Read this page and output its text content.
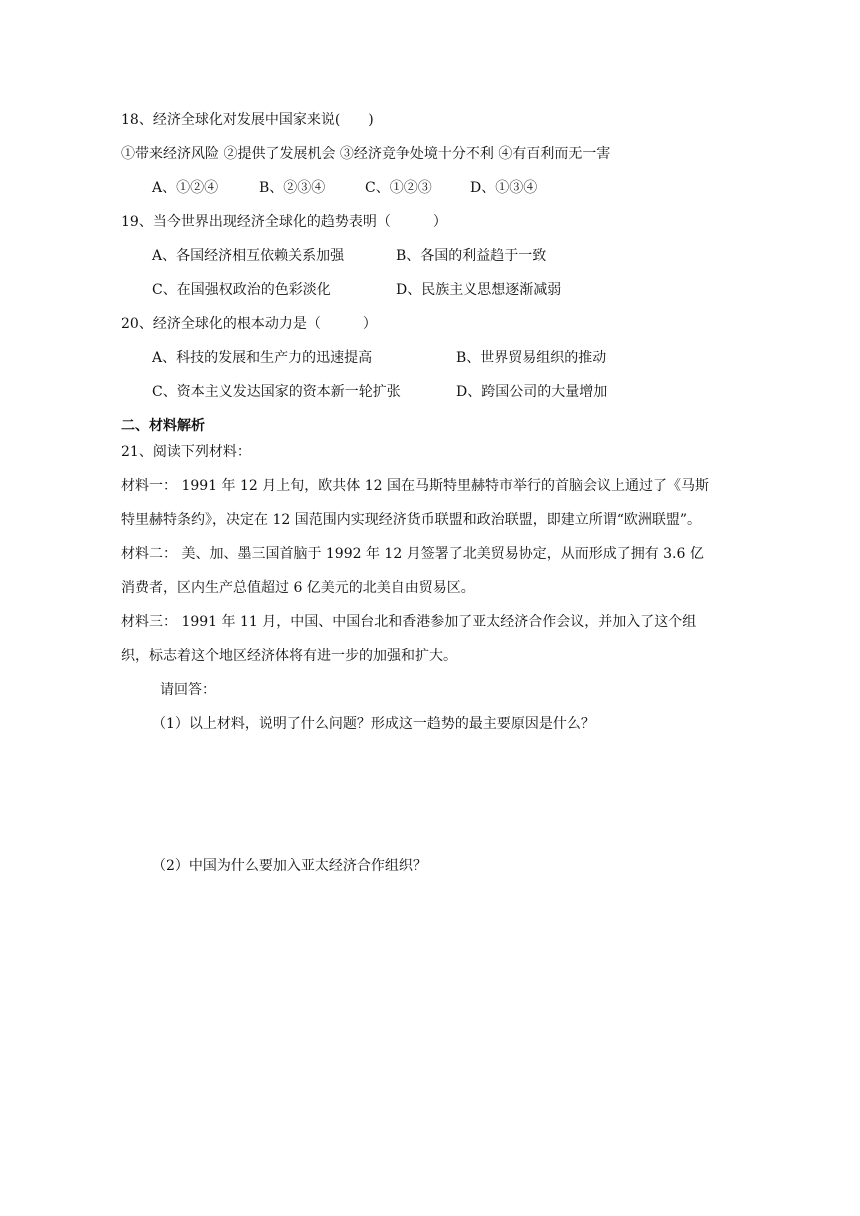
18、经济全球化对发展中国家来说(　　)
①带来经济风险 ②提供了发展机会 ③经济竞争处境十分不利 ④有百利而无一害
A、①②④	B、②③④	C、①②③	D、①③④
19、当今世界出现经济全球化的趋势表明（　　　）
A、各国经济相互依赖关系加强	B、各国的利益趋于一致
C、在国强权政治的色彩淡化	D、民族主义思想逐渐减弱
20、经济全球化的根本动力是（　　　）
A、科技的发展和生产力的迅速提高	B、世界贸易组织的推动
C、资本主义发达国家的资本新一轮扩张	D、跨国公司的大量增加
二、材料解析
21、阅读下列材料：
材料一： 1991 年 12 月上旬，欧共体 12 国在马斯特里赫特市举行的首脑会议上通过了《马斯
特里赫特条约》，决定在 12 国范围内实现经济货币联盟和政治联盟，即建立所谓“欧洲联盟”。
材料二： 美、加、墨三国首脑于 1992 年 12 月签署了北美贸易协定，从而形成了拥有 3.6 亿
消费者，区内生产总值超过 6 亿美元的北美自由贸易区。
材料三： 1991 年 11 月，中国、中国台北和香港参加了亚太经济合作会议，并加入了这个组
织，标志着这个地区经济体将有进一步的加强和扩大。
请回答：
（1）以上材料，说明了什么问题？形成这一趋势的最主要原因是什么？
（2）中国为什么要加入亚太经济合作组织？
